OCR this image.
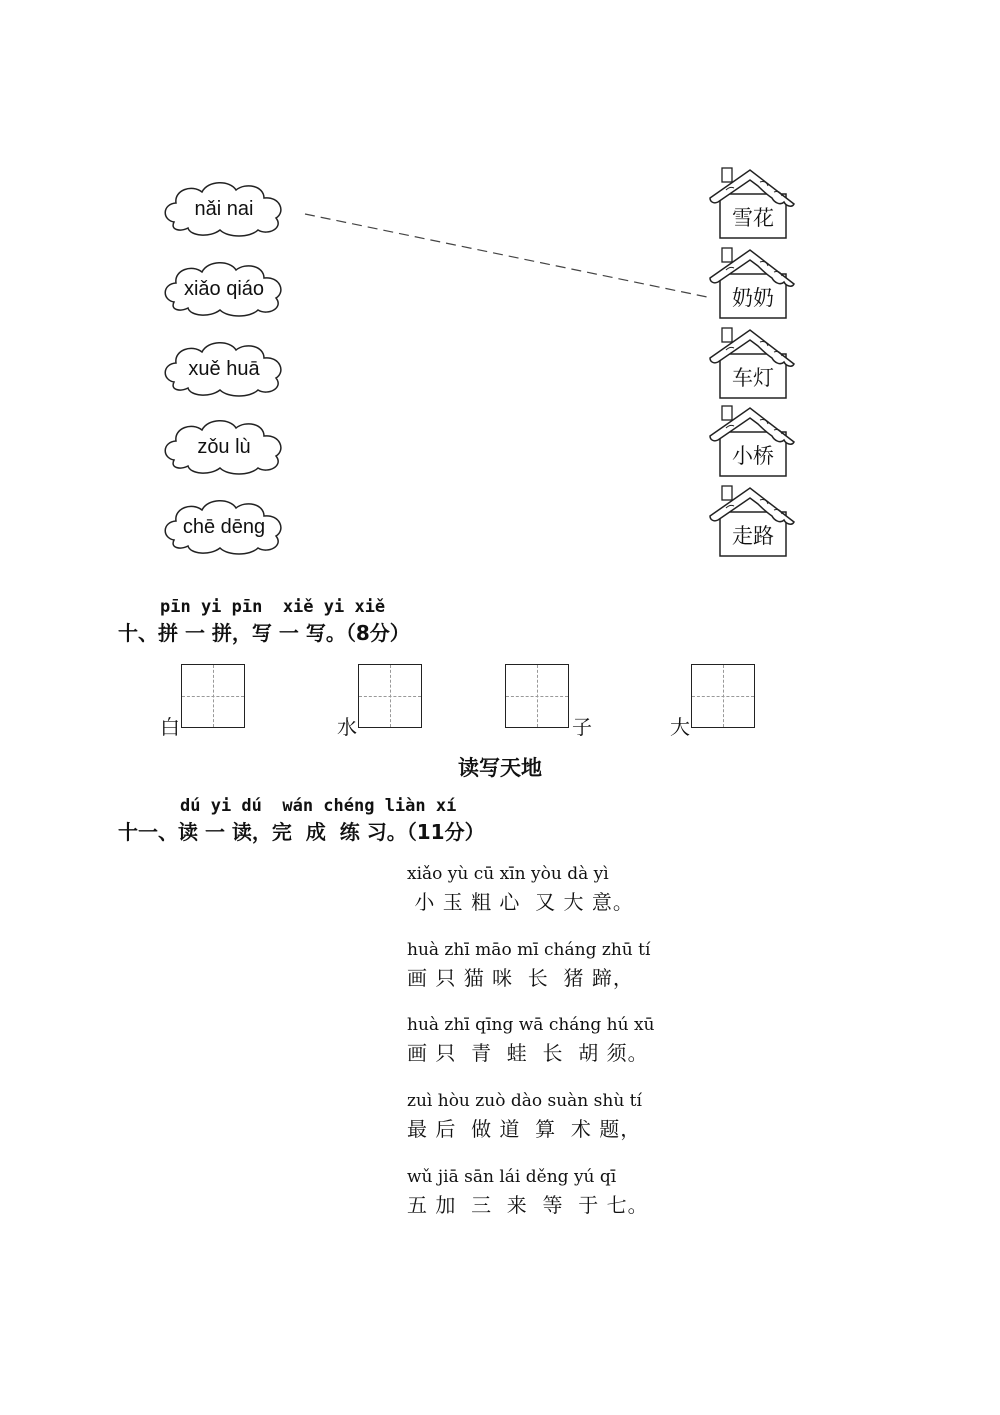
nǎi nai
xiǎo qiáo
xuě huā
zǒu lù
chē dēng
雪花
奶奶
车灯
小桥
走路
pīn yi pīn  xiě yi xiě
十、拼 一 拼，写 一 写。（8分）
白	水	子	大
读写天地
dú yi dú  wán chéng liàn xí
十一、读 一 读，完  成  练 习。（11分）
xiǎo yù cū xīn yòu dà yì
小 玉 粗 心  又 大 意。
huà zhī māo mī cháng zhū tí
画 只 猫 咪  长  猪 蹄，
huà zhī qīng wā cháng hú xū
画 只  青  蛙  长  胡 须。
zuì hòu zuò dào suàn shù tí
最 后  做 道  算  术 题，
wǔ jiā sān lái děng yú qī
五 加  三  来  等  于 七。
